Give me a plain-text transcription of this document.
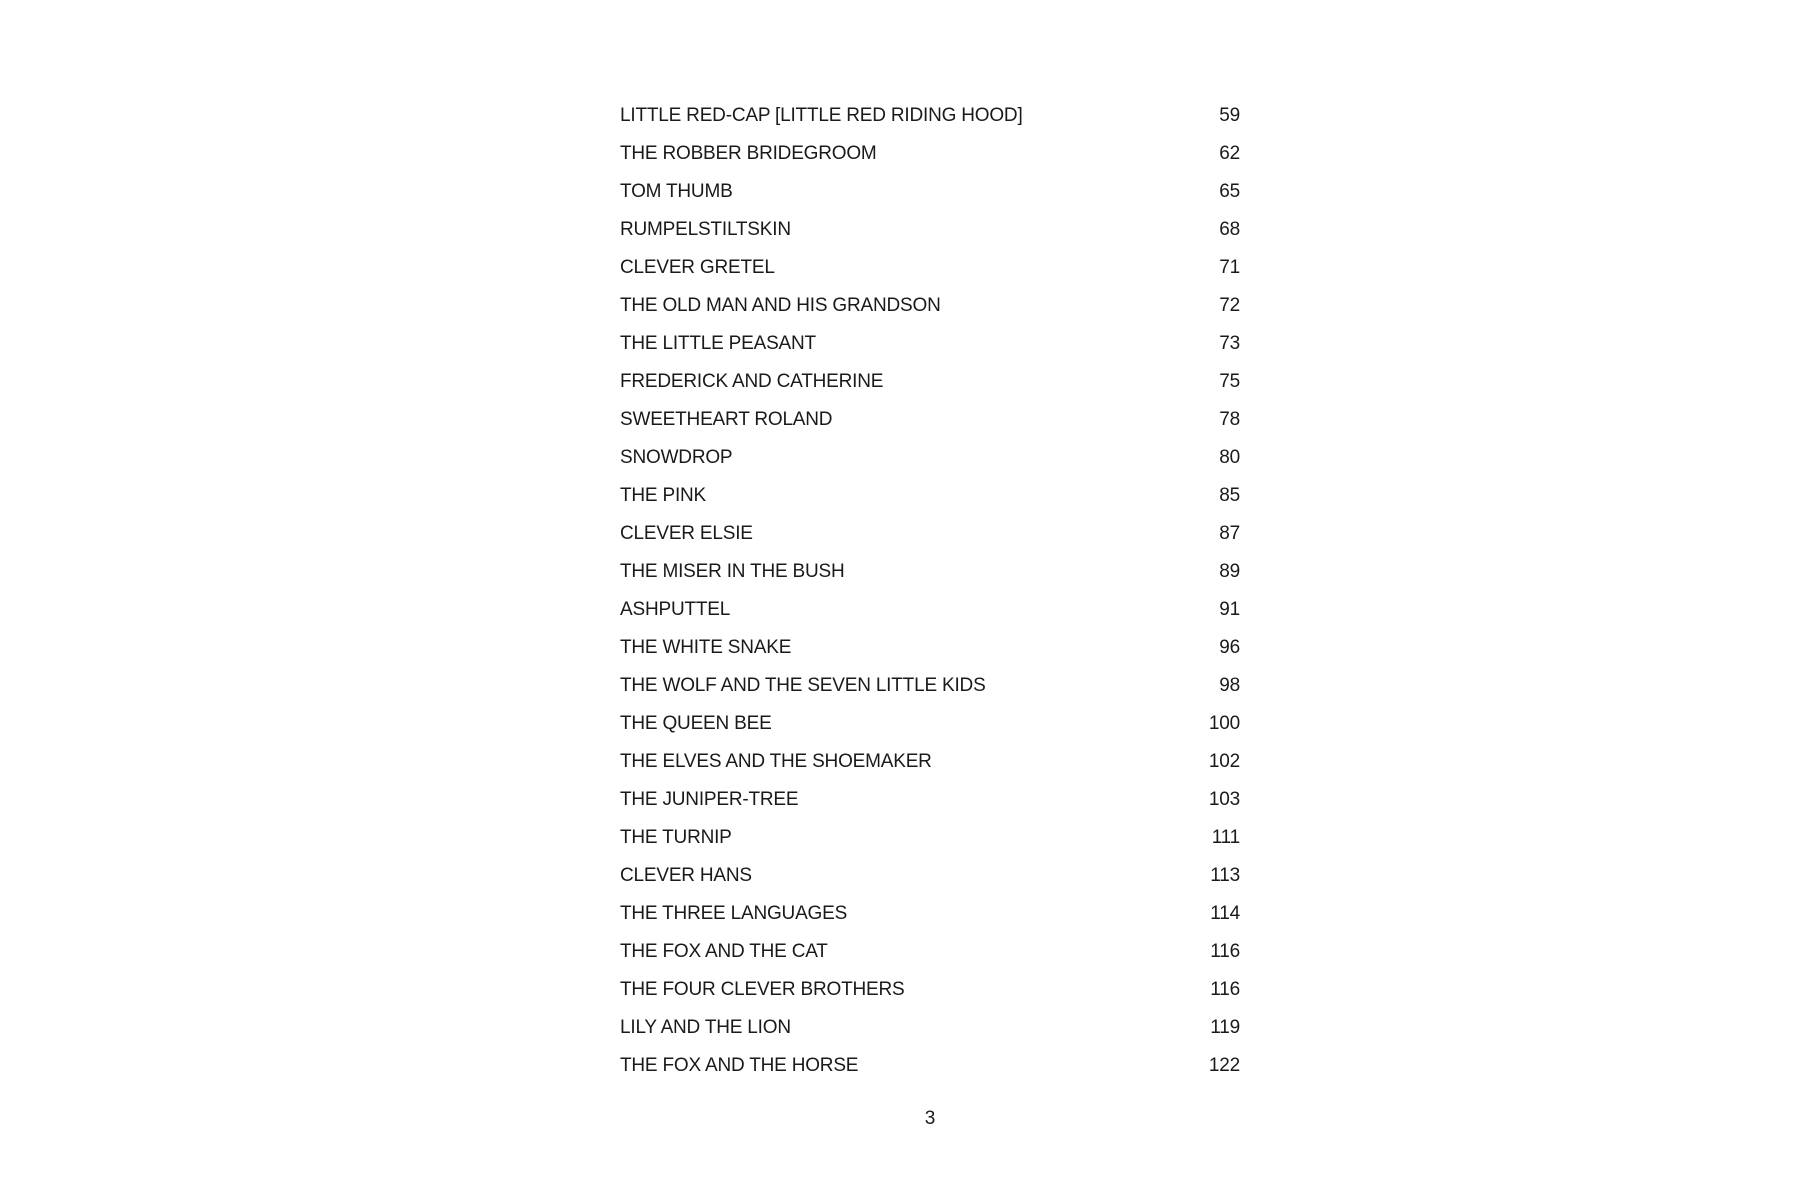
LITTLE RED-CAP [LITTLE RED RIDING HOOD]	59
THE ROBBER BRIDEGROOM	62
TOM THUMB	65
RUMPELSTILTSKIN	68
CLEVER GRETEL	71
THE OLD MAN AND HIS GRANDSON	72
THE LITTLE PEASANT	73
FREDERICK AND CATHERINE	75
SWEETHEART ROLAND	78
SNOWDROP	80
THE PINK	85
CLEVER ELSIE	87
THE MISER IN THE BUSH	89
ASHPUTTEL	91
THE WHITE SNAKE	96
THE WOLF AND THE SEVEN LITTLE KIDS	98
THE QUEEN BEE	100
THE ELVES AND THE SHOEMAKER	102
THE JUNIPER-TREE	103
THE TURNIP	111
CLEVER HANS	113
THE THREE LANGUAGES	114
THE FOX AND THE CAT	116
THE FOUR CLEVER BROTHERS	116
LILY AND THE LION	119
THE FOX AND THE HORSE	122
3
